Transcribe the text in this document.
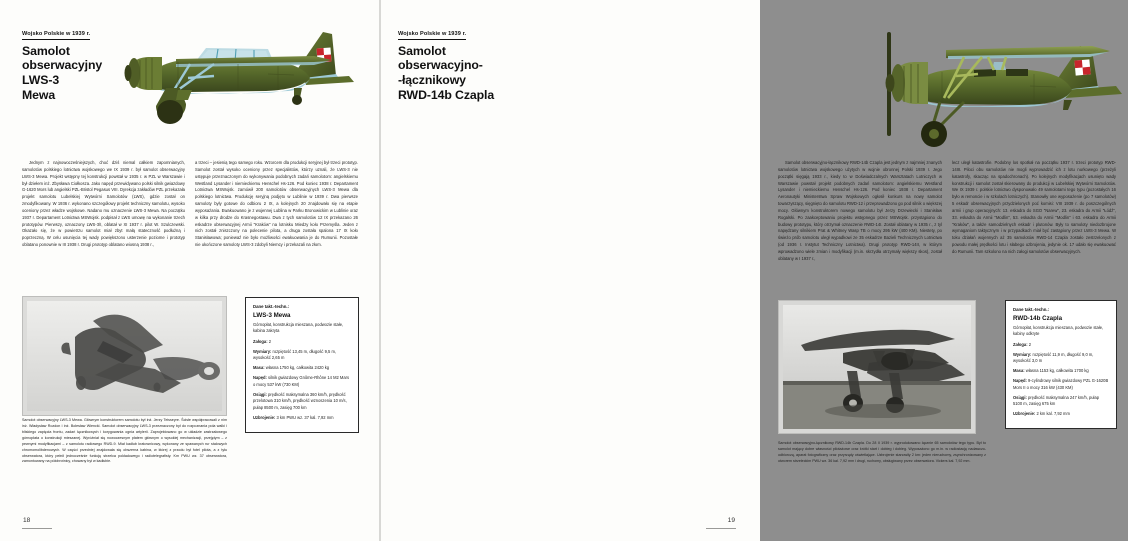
Wojsko Polskie w 1939 r.
Samolot
obserwacyjny
LWS-3
Mewa

Jednym z najnowocześniejszych, choć dziś niemal całkiem zapomnianych, samolotów polskiego lotnictwa wojskowego we IX 1939 r. był samolot obserwacyjny LWS-3 Mewa. Projekt wstępny tej konstrukcji powstał w 1935 r. w PZL w Warszawie i był dziełem inż. Zbysława Ciołkosza. Jako napęd przewidywano polski silnik gwiazdowy G-1620 Mors lub angielski PZL-Bristol Pegasus VIII. Dyrekcja zakładów PZL przekazała projekt samolotu Lubelskiej Wytwórni Samolotów (LWS), gdzie został on zmodyfikowany. W 1936 r. wykonano szczegółowy projekt techniczny samolotu, wysoko oceniony przez władze wojskowe. Nadano mu oznaczenie LWS-3 Mewa. Na początku 1937 r. Departament Lotnictwa MSWojsk. podpisał z LWS umowę na wykonanie trzech prototypów. Pierwszy, oznaczony LWS-3/I, oblatał w XI 1937 r. pilot W. Szulczewski. Okazało się, że w powietrzu samolot miał zbyt małą stateczność podłużną i poprzeczną. W celu usunięcia tej wady powiększono usterzenie poziome i prototyp oblatano ponownie w III 1938 r. Drugi prototyp oblatano wiosną 1938 r.,

a trzeci – jesienią tego samego roku. Wzorcem dla produkcji seryjnej był trzeci prototyp. Samolot został wysoko oceniony przez specjalistów, którzy uznali, że LWS-3 nie ustępuje przeznaczonym do wykonywania podobnych zadań samolotom: angielskiemu Westland Lysander i niemieckiemu Henschel Hs-126. Pod koniec 1938 r. Departament Lotnictwa MSWojsk. zamówił 200 samolotów obserwacyjnych LWS-3 Mewa dla polskiego lotnictwa. Produkcję seryjną podjęto w Lublinie w 1939 r. Dwa pierwsze samoloty były gotowe do odbioru 2 IX, a kolejnych 20 znajdowało się na etapie wyposażania. Ewakuowano je z wojennej Lublina w Parku Bronowickim w Lublinie oraz w kilka przy drodze do Krasnegostawu. Dwa z tych samolotów 12 IX przekazano 26 eskadrze obserwacyjnej Armii "Kraków" na lotnisku Miedzy koło Przemyśla. Jeden z nich został zniszczony na polecenie pilota, a druga została spalona 17 IX koło Stanisławowa; poniewaź nie było możliwości ewakuowania je do Rumunii. Pozostałe nie ukończone samoloty LWS-3 zdobyli Niemcy i przekazali na złom.

Dane takt.-techn.:
LWS-3 Mewa
Górnopłat, konstrukcja mieszana, podwozie stałe, kabina zakryta
Załoga: 2
Wymiary: rozpiętość 13,45 m, długość 9,5 m, wysokość 2,65 m
Masa: własna 1750 kg, całkowita 2420 kg
Napęd: silnik gwiazdowy Gnôme-Rhône 14 M2 Mars o mocy 537 kW (730 KM)
Osiągi: prędkość maksymalna 360 km/h, prędkość przelotowa 310 km/h, prędkość wznoszenia 10 m/s, pułap 8500 m, zasięg 700 km
Uzbrojenie: 3 km PWU wz. 37 kal. 7,92 mm
Samolot obserwacyjny LWS-3 Mewa. Głównym konstruktorem samolotu był inż. Jerzy Teisseyre. Ścisłe współpracowali z nim inż. Władysław Rozdon i inż. Bolesław Wiencki. Samolot obserwacyjny LWS-3 przeznaczony był do rozpoznania pola walki i bliskiego zapięcia frontu, zadań łącznikowych i korygowania ognia artylerii. Zaprojektowano go w układzie zastrzałowego górnopłata o konstrukcji mieszanej. Wyróżniał się nowoczesnym płatem głównym o wysokiej mechanizacji, przejętym – z pewnymi modyfikacjami – z samolotu radiowego RWD-9. Miał kadłub kratownicowy, wykonany ze spawanych rur stalowych chromomolibdenowych. W części przedniej znajdowała się obszerna kabina, w której z przodu był fotel pilota, a z tyłu obserwatora, który pełnił jednocześnie funkcję strzelca pokładowego i radiotelegrafisty. Km PWU wz. 37 obserwatora, zamontowany na półobrotnicy, chowany był w kadłubie.
18
Wojsko Polskie w 1939 r.
Samolot
obserwacyjno-
-łącznikowy
RWD-14b Czapla

Samolot obserwacyjno-łącznikowy RWD-14b Czapla jest jednym z najmniej znanych samolotów lotnictwa wojskowego użytych w wojnie obronnej Polski 1939 r. Jego początki sięgają 1933 r., kiedy to w Doświadczalnych Warsztatach Lotniczych w Warszawie powstał projekt podobnych zadań samolotom: angielskiemu Westland Lysander i niemieckiemu Henschel Hs-126. Pod koniec 1938 r. Departament Aeronautyki Ministerstwa Spraw Wojskowych ogłosił konkurs na nowy samolot towarzyszący, sięgnięto do samolotu RWD-12 i przeprowadzono go pod silnik o większej mocy. Głównym konstruktorem nowego samolotu był Jerzy Drzewiecki i Stanisław Rogalski. Po zaakceptowaniu projektu wstępnego przez MSWojsk. przystąpiono do budowy prototypu, który otrzymał oznaczenie RWD-14I. Został oblatany w 1935 r., z tyl napędzany silnikiem Prat & Whitney Wasp TB o mocy 295 kW (400 KM). Niestety, po świeżo prób samolotu uległ wypadkowi ze 35 eskadrze Bazieli Technicznych Lotnictwa (od 1936 r. Instytut Techniczny Lotnictwa). Drugi prototyp RWD-14II, w którym wprowadzono wiele zmian i modyfikacji (m.in. skrzydła otrzymały większy skos), został oblatany w I 1937 r.,

lecz uległ katastrofie. Podobny los spotkał na początku 1937 r. trzeci prototyp RWD-14III. Piloci obu samolotów nie mogli wyprowadzić ich z lotu nurkowego (przeżyli katastrofy, skacząc na spadochronach). Po kolejnych modyfikacjach usunięto wady konstrukcji i samolot został skierowany do produkcji w Lubelskiej Wytwórni Samolotów. We IX 1939 r. polskie lotnictwo dysponowało 49 samolotami tego typu (pozostałych 16 było w remoncie i w szkolach lotniczych). Stanowiły one wyposażenie (po 7 samolotów) 5 eskadr obserwacyjnych przydzielonych poć komisi: VIII 1939 r. do poszczególnych armii i grup operacyjnych: 13. eskadra do SGO "Narew", 23. eskadra do Armii "Łódź", 33. eskadra do Armii "Modlin", 53. eskadra do Armii "Modlin" i 63. eskadra do Armii "Kraków", a także samodzielnych eskadr i plutonów. Były to samoloty niedozbrojone wymaganiom taktycznym i w przypadkach miał być zastąpiony przez LWS-3 Mewa. W toku działań wojennych aż 35 samolotów RWD-14 Czapla zostało zestrzelonych z powodu małej prędkości lotu i słabego uzbrojenia, jedynie ok. 17 udało się ewakuować do Rumunii. Tam szkolono na nich załogi samolotów obserwacyjnych.

Dane takt.-techn.:
RWD-14b Czapla
Górnopłat, konstrukcja mieszana, podwozie stałe, kabiny odkryte
Załoga: 2
Wymiary: rozpiętość 11,9 m, długość 9,0 m, wysokość 3,0 m
Masa: własna 1153 kg, całkowita 1700 kg
Napęd: 9-cylindrowy silnik gwiazdowy PZL G-1620B Mors II o mocy 316 kW (430 KM)
Osiągi: prędkość maksymalna 247 km/h, pułap 5100 m, zasięg 675 km
Uzbrojenie: 2 km kal. 7,92 mm
Samolot obserwacyjno-łącznikowy RWD-14b Czapla. Do 28 II 1939 r. wyprodukowano łącznie 65 samolotów tego typu. Był to samolot mający dobre własności pilotażowe oraz krótki start i dobieg i dobieg. Wyposażono go m.in. w radiostację nadawczo-odbiorczą, aparat fotograficzny oraz przyrządy oświetlające. Uzbrojenie stanowiły 2 km: jeden nieruchomy, zsynchronizowany z otworem strzeleckim PWU wz. 36 kal. 7,92 mm i drugi, ruchomy, obsługiwany przez obserwatora. Vickers kal. 7,92 mm.
19
